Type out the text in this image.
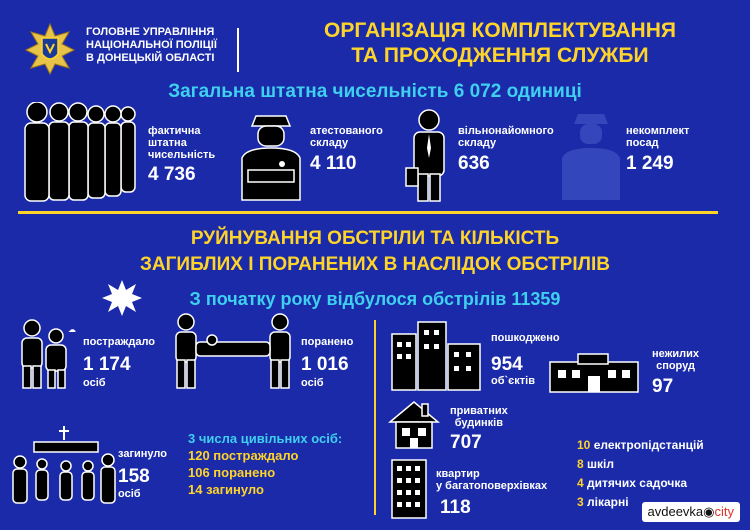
ГОЛОВНЕ УПРАВЛІННЯ
НАЦІОНАЛЬНОЇ ПОЛІЦІЇ
В ДОНЕЦЬКІЙ ОБЛАСТІ
ОРГАНІЗАЦІЯ КОМПЛЕКТУВАННЯ
ТА ПРОХОДЖЕННЯ СЛУЖБИ
Загальна штатна чисельність 6 072 одиниці
фактична
штатна
чисельність
4 736
атестованого
складу
4 110
вільнонайомного
складу
636
некомплект
посад
1 249
РУЙНУВАННЯ ОБСТРІЛИ ТА КІЛЬКІСТЬ
ЗАГИБЛИХ І ПОРАНЕНИХ В НАСЛІДОК ОБСТРІЛІВ
З початку року відбулося обстрілів 11359
☁
постраждало
1 174
осіб
поранено
1 016
осіб
загинуло
158
осіб
3 числа цивільних осіб:
120 постраждало
106 поранено
14 загинуло
пошкоджено
954
об`єктів
нежилих
споруд
97
приватних
будинків
707
квартир
у багатоповерхівках
118
10 електропідстанцій
8 шкіл
4 дитячих садочка
3 лікарні
avdeevka◉city
